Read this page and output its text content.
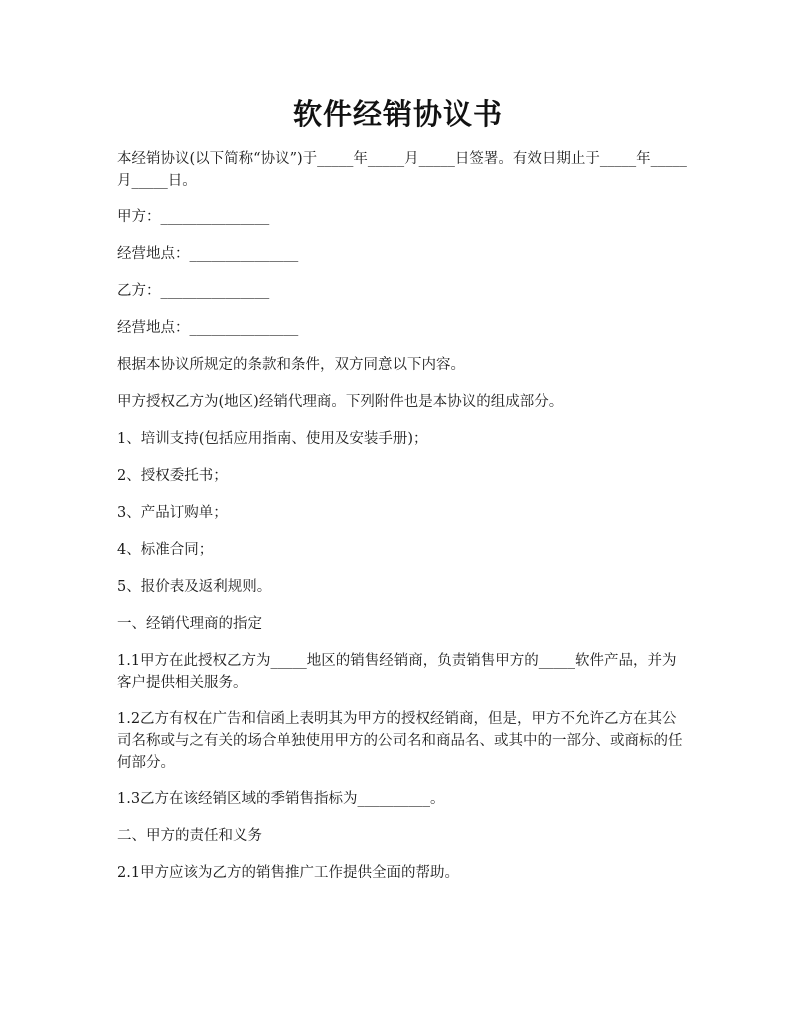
软件经销协议书

本经销协议(以下简称“协议”)于_____年_____月_____日签署。有效日期止于_____年_____月_____日。

甲方：_______________

经营地点：_______________

乙方：_______________

经营地点：_______________

根据本协议所规定的条款和条件，双方同意以下内容。

甲方授权乙方为(地区)经销代理商。下列附件也是本协议的组成部分。

1、培训支持(包括应用指南、使用及安装手册)；

2、授权委托书；

3、产品订购单；

4、标准合同；

5、报价表及返利规则。

一、经销代理商的指定

1.1甲方在此授权乙方为_____地区的销售经销商，负责销售甲方的_____软件产品，并为客户提供相关服务。

1.2乙方有权在广告和信函上表明其为甲方的授权经销商，但是，甲方不允许乙方在其公司名称或与之有关的场合单独使用甲方的公司名和商品名、或其中的一部分、或商标的任何部分。

1.3乙方在该经销区域的季销售指标为__________。

二、甲方的责任和义务

2.1甲方应该为乙方的销售推广工作提供全面的帮助。
